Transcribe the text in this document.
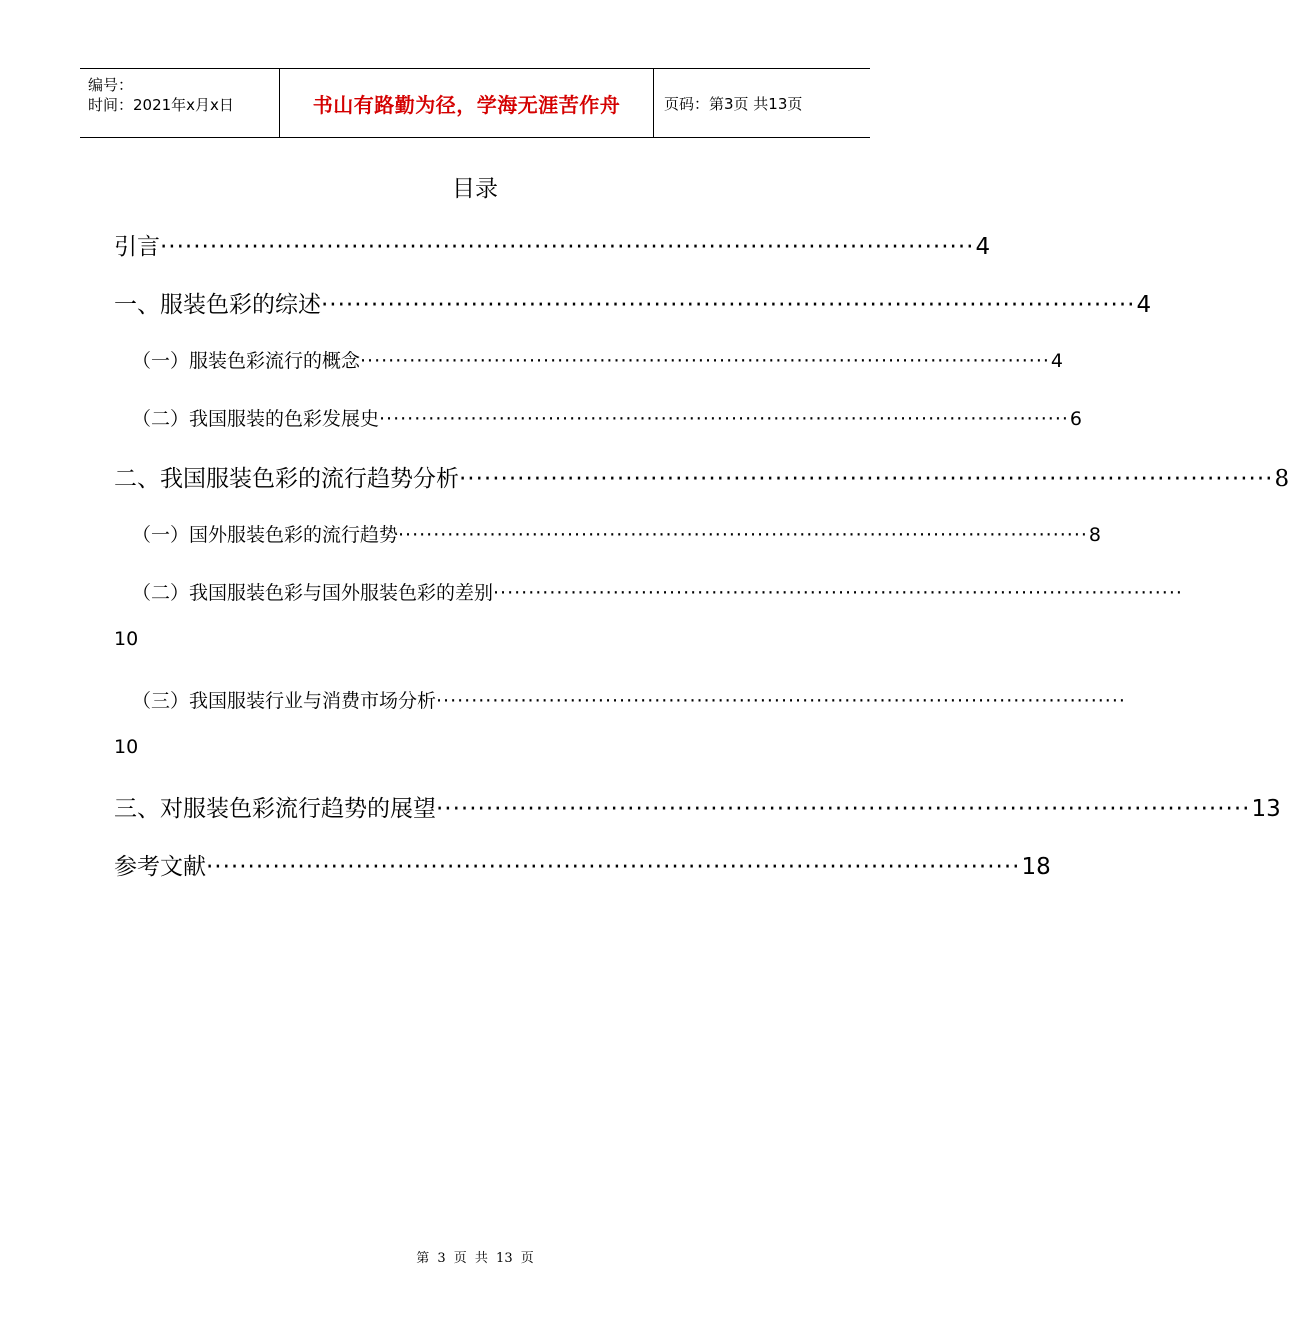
编号：
时间：2021年x月x日	书山有路勤为径，学海无涯苦作舟	页码：第3页 共13页
目录
引言 ·································································································· 4
一、服装色彩的综述 ·································································································· 4
（一）服装色彩流行的概念 ·································································································· 4
（二）我国服装的色彩发展史 ·································································································· 6
二、我国服装色彩的流行趋势分析 ·································································································· 8
（一）国外服装色彩的流行趋势 ·································································································· 8
（二）我国服装色彩与国外服装色彩的差别 ··································································································
10
（三）我国服装行业与消费市场分析 ··································································································
10
三、对服装色彩流行趋势的展望 ·································································································· 13
参考文献 ·································································································· 18
第 3 页 共 13 页
